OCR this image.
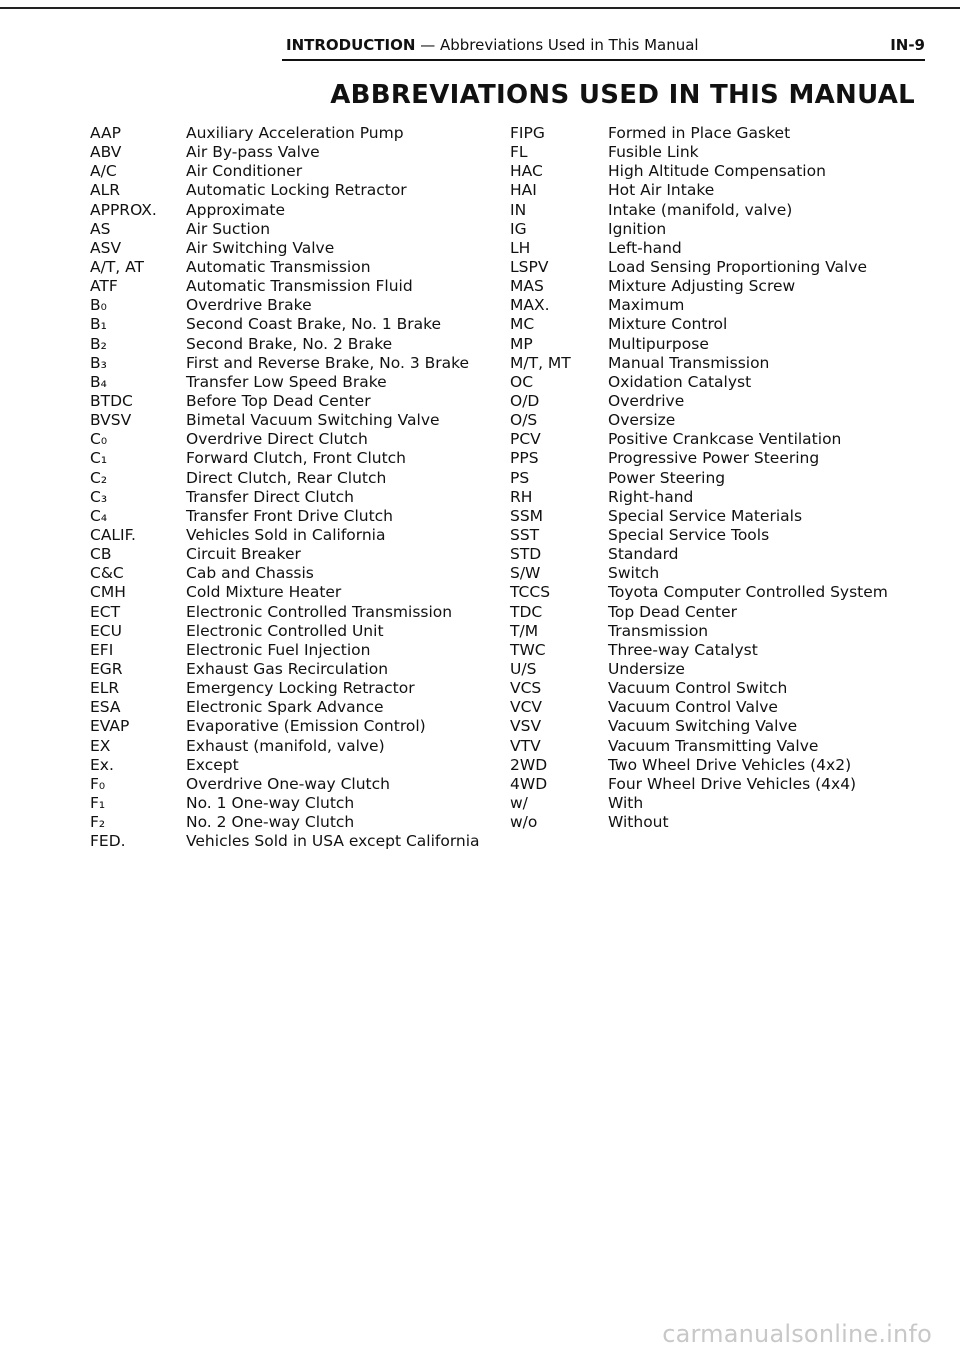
INTRODUCTION — Abbreviations Used in This Manual	IN-9
ABBREVIATIONS USED IN THIS MANUAL
AAP	Auxiliary Acceleration Pump
ABV	Air By-pass Valve
A/C	Air Conditioner
ALR	Automatic Locking Retractor
APPROX. Approximate
AS	Air Suction
ASV	Air Switching Valve
A/T, AT	Automatic Transmission
ATF	Automatic Transmission Fluid
B₀	Overdrive Brake
B₁	Second Coast Brake, No. 1 Brake
B₂	Second Brake, No. 2 Brake
B₃	First and Reverse Brake, No. 3 Brake
B₄	Transfer Low Speed Brake
BTDC	Before Top Dead Center
BVSV	Bimetal Vacuum Switching Valve
C₀	Overdrive Direct Clutch
C₁	Forward Clutch, Front Clutch
C₂	Direct Clutch, Rear Clutch
C₃	Transfer Direct Clutch
C₄	Transfer Front Drive Clutch
CALIF.	Vehicles Sold in California
CB	Circuit Breaker
C&C	Cab and Chassis
CMH	Cold Mixture Heater
ECT	Electronic Controlled Transmission
ECU	Electronic Controlled Unit
EFI	Electronic Fuel Injection
EGR	Exhaust Gas Recirculation
ELR	Emergency Locking Retractor
ESA	Electronic Spark Advance
EVAP	Evaporative (Emission Control)
EX	Exhaust (manifold, valve)
Ex.	Except
F₀	Overdrive One-way Clutch
F₁	No. 1 One-way Clutch
F₂	No. 2 One-way Clutch
FED.	Vehicles Sold in USA except California
FIPG	Formed in Place Gasket
FL	Fusible Link
HAC	High Altitude Compensation
HAI	Hot Air Intake
IN	Intake (manifold, valve)
IG	Ignition
LH	Left-hand
LSPV	Load Sensing Proportioning Valve
MAS	Mixture Adjusting Screw
MAX.	Maximum
MC	Mixture Control
MP	Multipurpose
M/T, MT Manual Transmission
OC	Oxidation Catalyst
O/D	Overdrive
O/S	Oversize
PCV	Positive Crankcase Ventilation
PPS	Progressive Power Steering
PS	Power Steering
RH	Right-hand
SSM	Special Service Materials
SST	Special Service Tools
STD	Standard
S/W	Switch
TCCS	Toyota Computer Controlled System
TDC	Top Dead Center
T/M	Transmission
TWC	Three-way Catalyst
U/S	Undersize
VCS	Vacuum Control Switch
VCV	Vacuum Control Valve
VSV	Vacuum Switching Valve
VTV	Vacuum Transmitting Valve
2WD	Two Wheel Drive Vehicles (4x2)
4WD	Four Wheel Drive Vehicles (4x4)
w/	With
w/o	Without
carmanualsonline.info
